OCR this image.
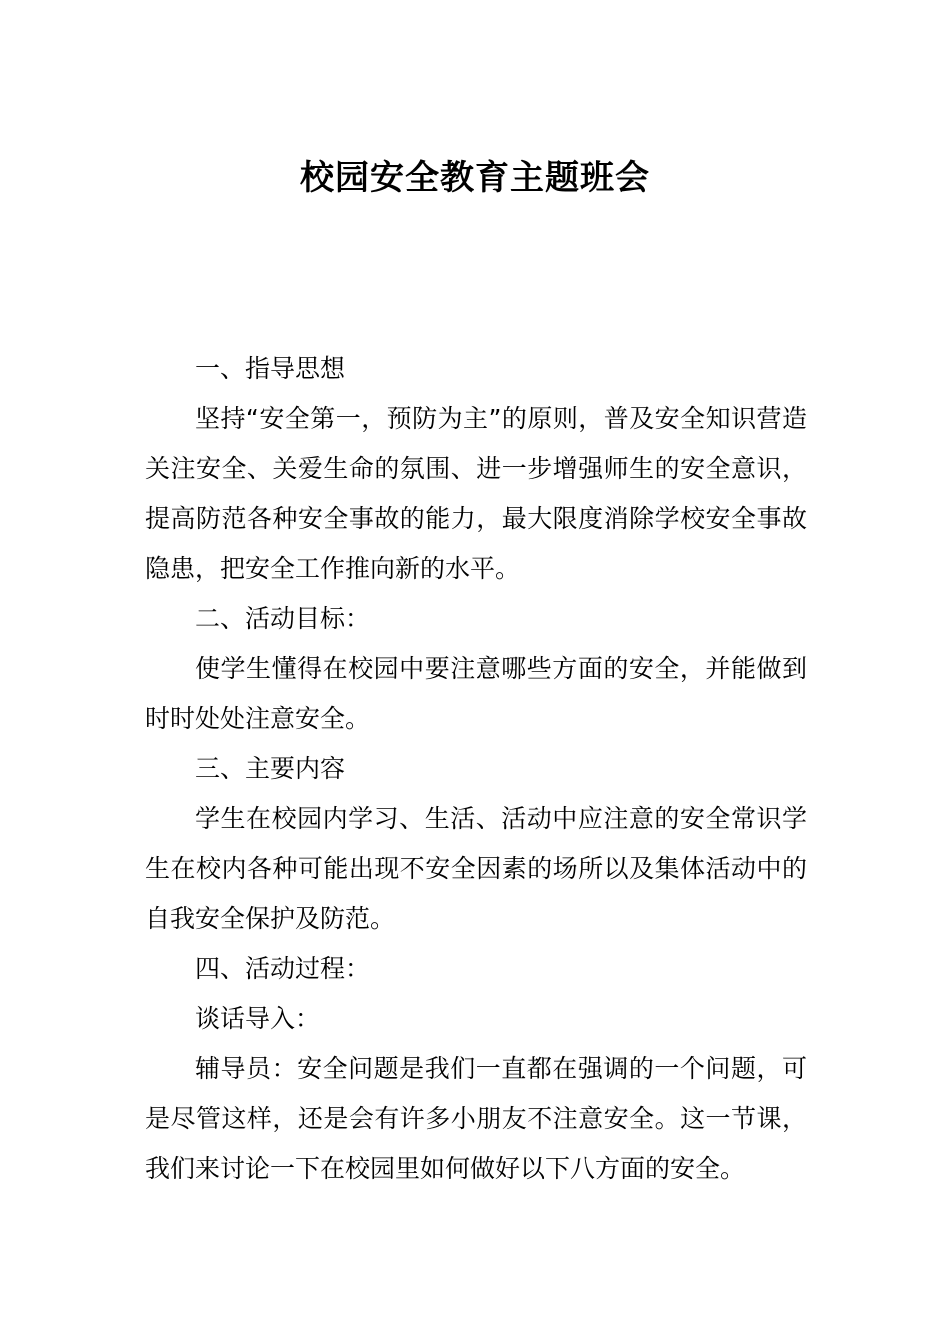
校园安全教育主题班会

一、指导思想

坚持“安全第一，预防为主”的原则，普及安全知识营造关注安全、关爱生命的氛围、进一步增强师生的安全意识，提高防范各种安全事故的能力，最大限度消除学校安全事故隐患，把安全工作推向新的水平。

二、活动目标：

使学生懂得在校园中要注意哪些方面的安全，并能做到时时处处注意安全。

三、主要内容

学生在校园内学习、生活、活动中应注意的安全常识学生在校内各种可能出现不安全因素的场所以及集体活动中的自我安全保护及防范。

四、活动过程：

谈话导入：

辅导员：安全问题是我们一直都在强调的一个问题，可是尽管这样，还是会有许多小朋友不注意安全。这一节课，我们来讨论一下在校园里如何做好以下八方面的安全。
